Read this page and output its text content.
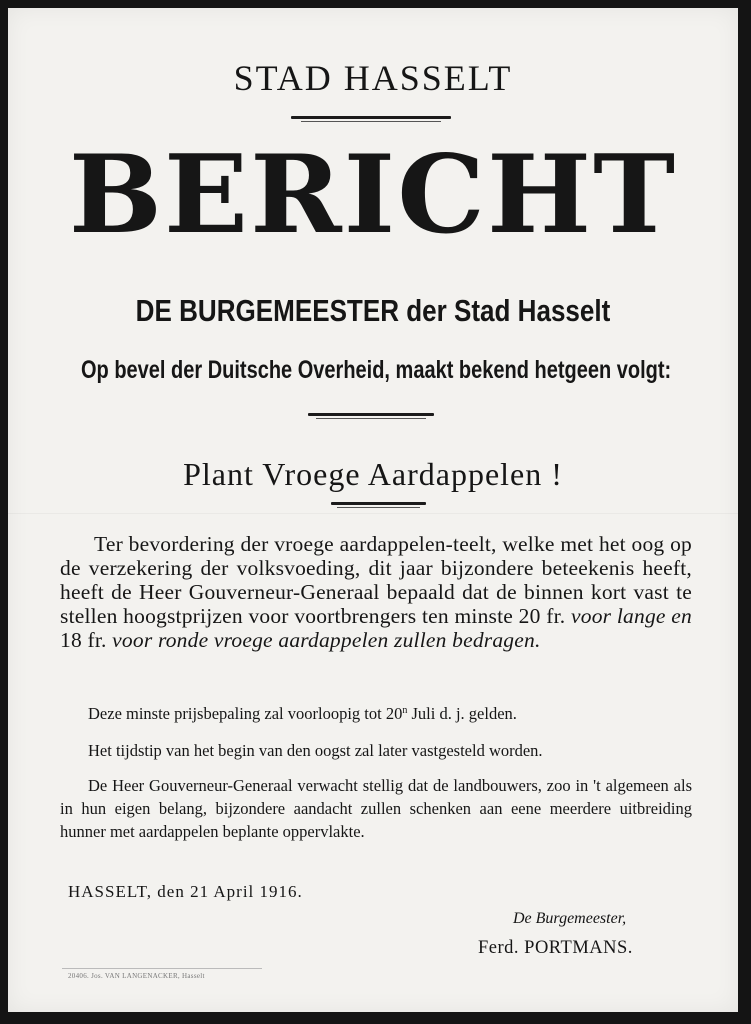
STAD HASSELT
BERICHT
DE BURGEMEESTER der Stad Hasselt
Op bevel der Duitsche Overheid, maakt bekend hetgeen volgt:
Plant Vroege Aardappelen !
Ter bevordering der vroege aardappelen-teelt, welke met het oog op de verzekering der volksvoeding, dit jaar bijzondere beteekenis heeft, heeft de Heer Gouverneur-Generaal bepaald dat de binnen kort vast te stellen hoogstprijzen voor voortbrengers ten minste 20 fr. voor lange en 18 fr. voor ronde vroege aardappelen zullen bedragen.
Deze minste prijsbepaling zal voorloopig tot 20$^n$ Juli d. j. gelden.
Het tijdstip van het begin van den oogst zal later vastgesteld worden.
De Heer Gouverneur-Generaal verwacht stellig dat de landbouwers, zoo in 't algemeen als in hun eigen belang, bijzondere aandacht zullen schenken aan eene meerdere uitbreiding hunner met aardappelen beplante oppervlakte.
HASSELT, den 21 April 1916.
De Burgemeester,
Ferd. PORTMANS.
20406. Jos. VAN LANGENACKER, Hasselt
